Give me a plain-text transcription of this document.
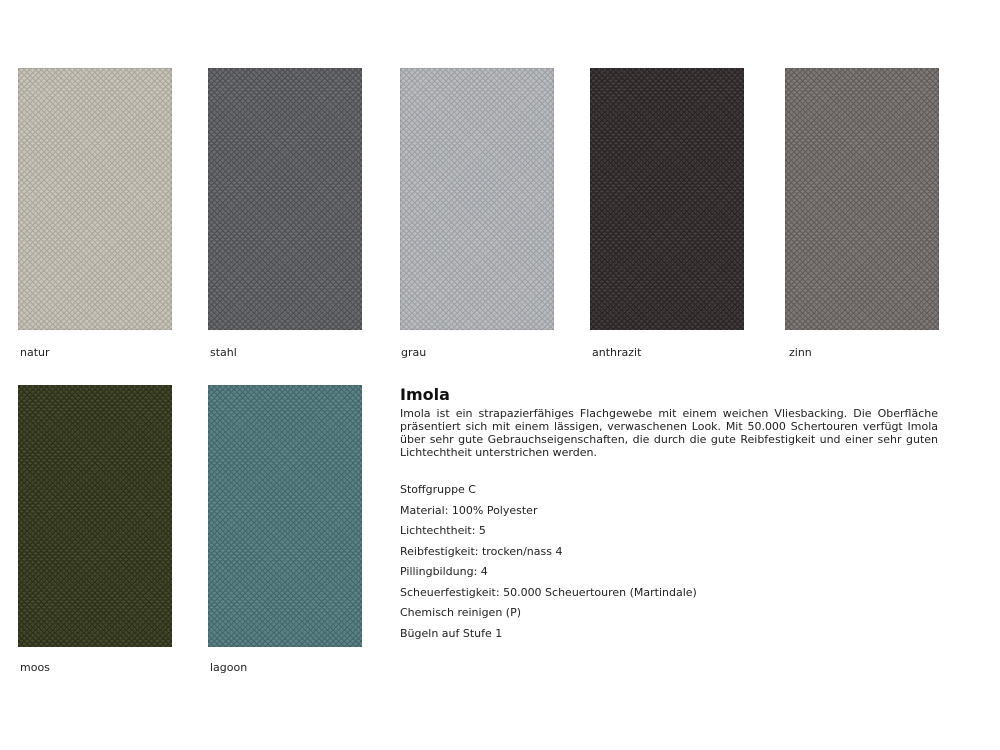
natur	stahl	grau	anthrazit	zinn
moos	lagoon
Imola

Imola ist ein strapazierfähiges Flachgewebe mit einem weichen Vliesbacking. Die Oberfläche präsentiert sich mit einem lässigen, verwaschenen Look. Mit 50.000 Schertouren verfügt Imola über sehr gute Gebrauchseigenschaften, die durch die gute Reibfestigkeit und einer sehr guten Lichtechtheit unterstrichen werden.

Stoffgruppe C
Material: 100% Polyester
Lichtechtheit: 5
Reibfestigkeit: trocken/nass 4
Pillingbildung: 4
Scheuerfestigkeit: 50.000 Scheuertouren (Martindale)
Chemisch reinigen (P)
Bügeln auf Stufe 1
